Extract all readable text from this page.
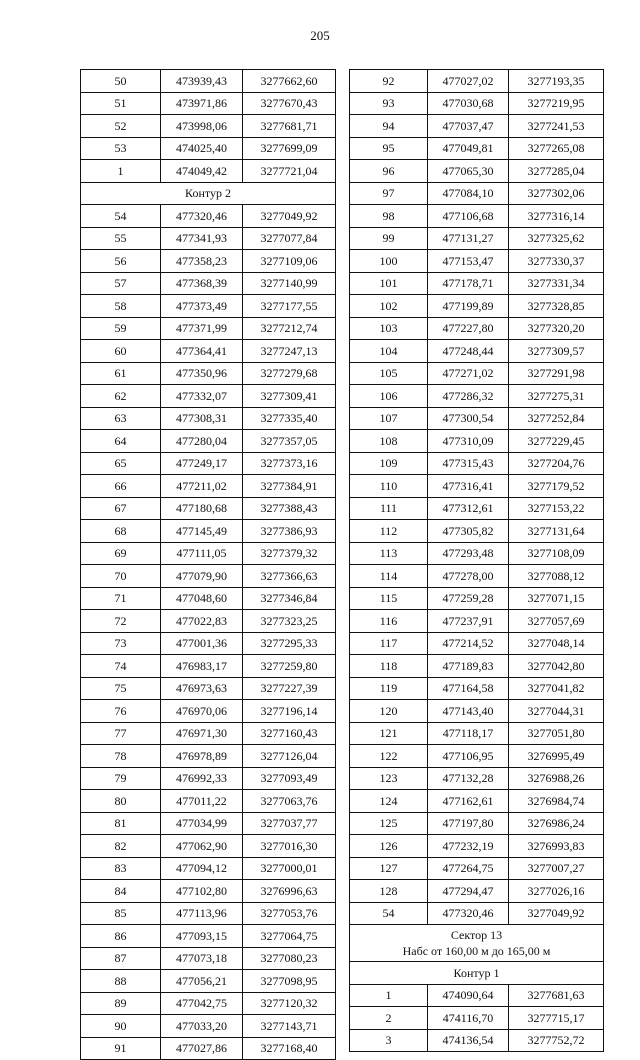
205
50	473939,43	3277662,60
51	473971,86	3277670,43
52	473998,06	3277681,71
53	474025,40	3277699,09
1	474049,42	3277721,04
Контур 2		
54	477320,46	3277049,92
55	477341,93	3277077,84
56	477358,23	3277109,06
57	477368,39	3277140,99
58	477373,49	3277177,55
59	477371,99	3277212,74
60	477364,41	3277247,13
61	477350,96	3277279,68
62	477332,07	3277309,41
63	477308,31	3277335,40
64	477280,04	3277357,05
65	477249,17	3277373,16
66	477211,02	3277384,91
67	477180,68	3277388,43
68	477145,49	3277386,93
69	477111,05	3277379,32
70	477079,90	3277366,63
71	477048,60	3277346,84
72	477022,83	3277323,25
73	477001,36	3277295,33
74	476983,17	3277259,80
75	476973,63	3277227,39
76	476970,06	3277196,14
77	476971,30	3277160,43
78	476978,89	3277126,04
79	476992,33	3277093,49
80	477011,22	3277063,76
81	477034,99	3277037,77
82	477062,90	3277016,30
83	477094,12	3277000,01
84	477102,80	3276996,63
85	477113,96	3277053,76
86	477093,15	3277064,75
87	477073,18	3277080,23
88	477056,21	3277098,95
89	477042,75	3277120,32
90	477033,20	3277143,71
91	477027,86	3277168,40
92	477027,02	3277193,35
93	477030,68	3277219,95
94	477037,47	3277241,53
95	477049,81	3277265,08
96	477065,30	3277285,04
97	477084,10	3277302,06
98	477106,68	3277316,14
99	477131,27	3277325,62
100	477153,47	3277330,37
101	477178,71	3277331,34
102	477199,89	3277328,85
103	477227,80	3277320,20
104	477248,44	3277309,57
105	477271,02	3277291,98
106	477286,32	3277275,31
107	477300,54	3277252,84
108	477310,09	3277229,45
109	477315,43	3277204,76
110	477316,41	3277179,52
111	477312,61	3277153,22
112	477305,82	3277131,64
113	477293,48	3277108,09
114	477278,00	3277088,12
115	477259,28	3277071,15
116	477237,91	3277057,69
117	477214,52	3277048,14
118	477189,83	3277042,80
119	477164,58	3277041,82
120	477143,40	3277044,31
121	477118,17	3277051,80
122	477106,95	3276995,49
123	477132,28	3276988,26
124	477162,61	3276984,74
125	477197,80	3276986,24
126	477232,19	3276993,83
127	477264,75	3277007,27
128	477294,47	3277026,16
54	477320,46	3277049,92

Сектор 13
Набс от 160,00 м до 165,00 м		

Контур 1		
1	474090,64	3277681,63
2	474116,70	3277715,17
3	474136,54	3277752,72
